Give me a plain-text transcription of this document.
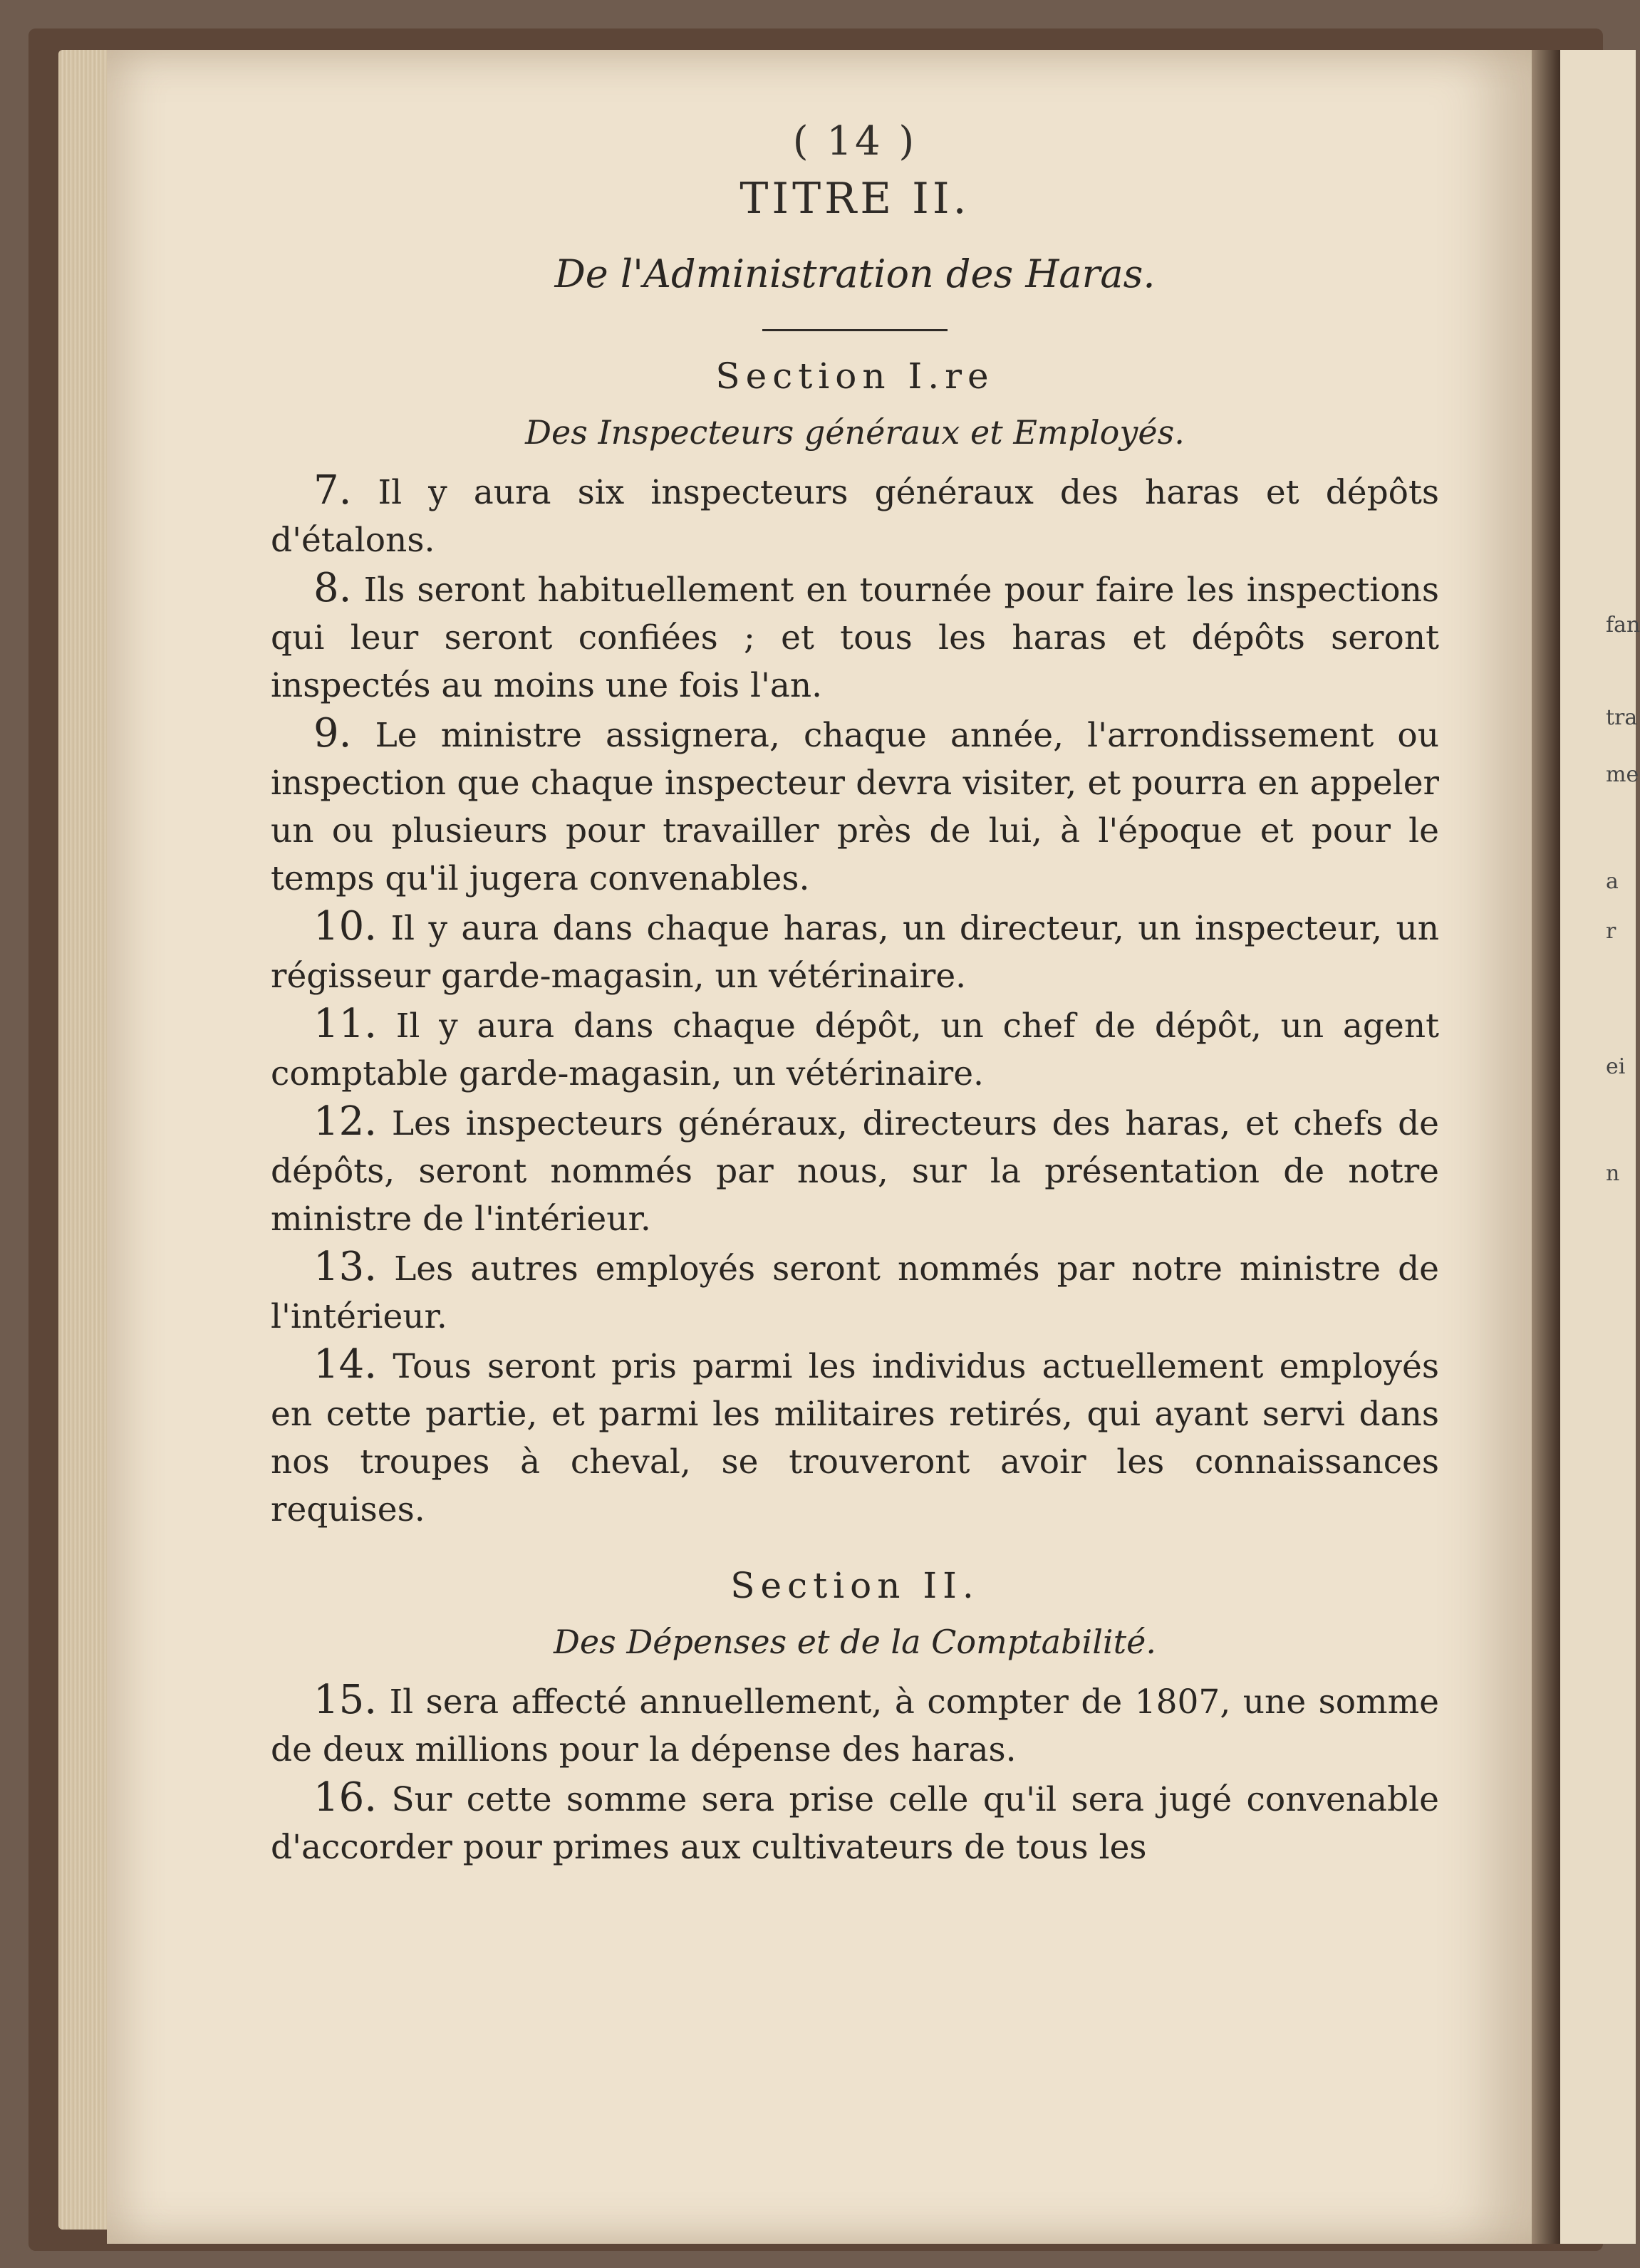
( 14 )
TITRE II.
De l'Administration des Haras.
Section I.re
Des Inspecteurs généraux et Employés.

7. Il y aura six inspecteurs généraux des haras et dépôts d'étalons.

8. Ils seront habituellement en tournée pour faire les inspections qui leur seront confiées ; et tous les haras et dépôts seront inspectés au moins une fois l'an.

9. Le ministre assignera, chaque année, l'arrondissement ou inspection que chaque inspecteur devra visiter, et pourra en appeler un ou plusieurs pour travailler près de lui, à l'époque et pour le temps qu'il jugera convenables.

10. Il y aura dans chaque haras, un directeur, un inspecteur, un régisseur garde-magasin, un vétérinaire.

11. Il y aura dans chaque dépôt, un chef de dépôt, un agent comptable garde-magasin, un vétérinaire.

12. Les inspecteurs généraux, directeurs des haras, et chefs de dépôts, seront nommés par nous, sur la présentation de notre ministre de l'intérieur.

13. Les autres employés seront nommés par notre ministre de l'intérieur.

14. Tous seront pris parmi les individus actuellement employés en cette partie, et parmi les militaires retirés, qui ayant servi dans nos troupes à cheval, se trouveront avoir les connaissances requises.

Section II.
Des Dépenses et de la Comptabilité.

15. Il sera affecté annuellement, à compter de 1807, une somme de deux millions pour la dépense des haras.

16. Sur cette somme sera prise celle qu'il sera jugé convenable d'accorder pour primes aux cultivateurs de tous les

fan
tra
me
a
r
ei
n
